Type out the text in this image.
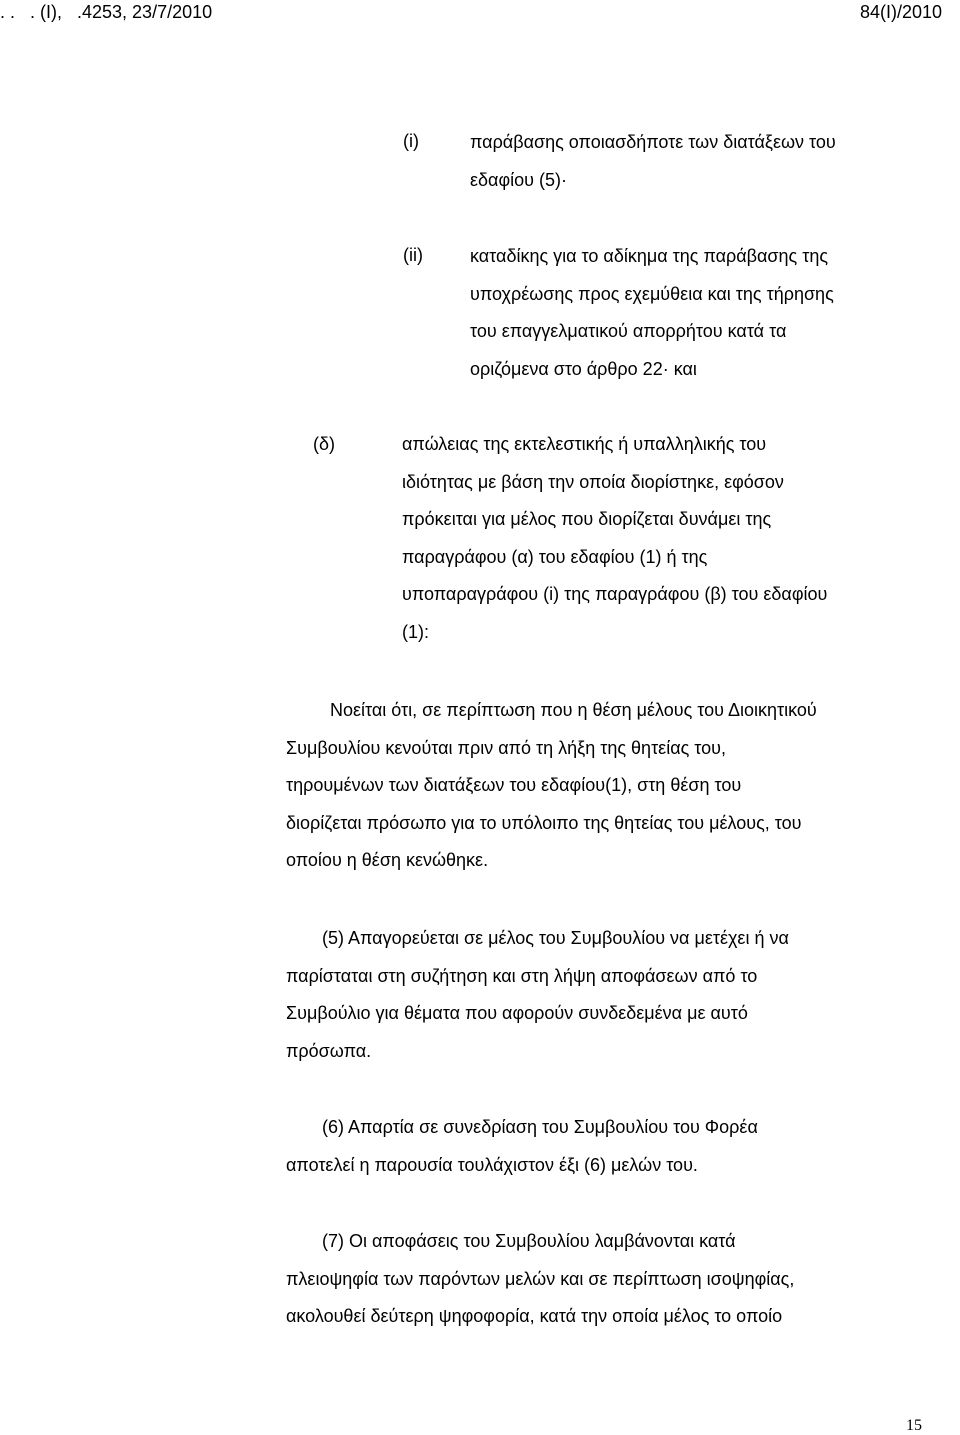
. .   . (Ι),   .4253, 23/7/2010	84(Ι)/2010
(i)	παράβασης οποιασδήποτε των διατάξεων του
εδαφίου (5)·
(ii)	καταδίκης για το αδίκημα της παράβασης της
υποχρέωσης προς εχεμύθεια και της τήρησης
του επαγγελματικού απορρήτου κατά τα
οριζόμενα στο άρθρο 22· και
(δ)	απώλειας της εκτελεστικής ή υπαλληλικής του
ιδιότητας με βάση την οποία διορίστηκε, εφόσον
πρόκειται για μέλος που διορίζεται δυνάμει της
παραγράφου (α) του εδαφίου (1) ή της
υποπαραγράφου (i) της παραγράφου (β) του εδαφίου
(1):
Νοείται ότι, σε περίπτωση που η θέση μέλους του Διοικητικού
Συμβουλίου κενούται πριν από τη λήξη της θητείας του,
τηρουμένων των διατάξεων του εδαφίου(1), στη θέση του
διορίζεται πρόσωπο για το υπόλοιπο της θητείας του μέλους, του
οποίου η θέση κενώθηκε.
(5) Απαγορεύεται σε μέλος του Συμβουλίου να μετέχει ή να
παρίσταται στη συζήτηση και στη λήψη αποφάσεων από το
Συμβούλιο για θέματα που αφορούν συνδεδεμένα με αυτό
πρόσωπα.
(6) Απαρτία σε συνεδρίαση του Συμβουλίου του Φορέα
αποτελεί η παρουσία τουλάχιστον έξι (6) μελών του.
(7) Οι αποφάσεις του Συμβουλίου λαμβάνονται κατά
πλειοψηφία των παρόντων μελών και σε περίπτωση ισοψηφίας,
ακολουθεί δεύτερη ψηφοφορία, κατά την οποία μέλος το οποίο
15
